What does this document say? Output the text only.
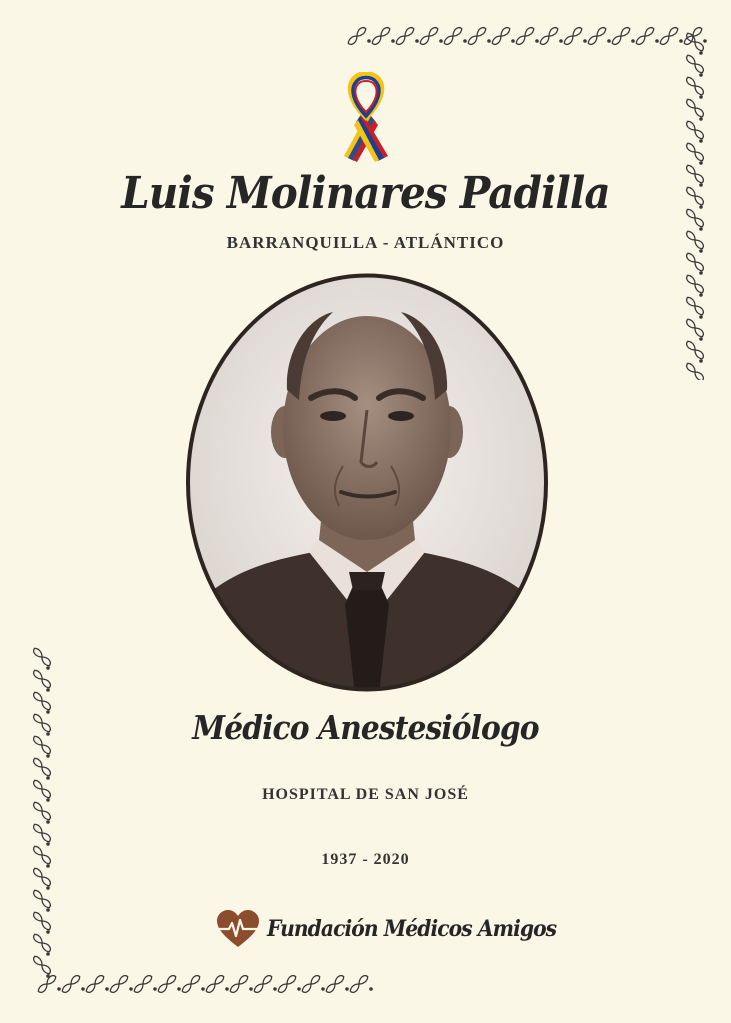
Luis Molinares Padilla
BARRANQUILLA - ATLÁNTICO
Médico Anestesiólogo
HOSPITAL DE SAN JOSÉ
1937 - 2020
Fundación Médicos Amigos
